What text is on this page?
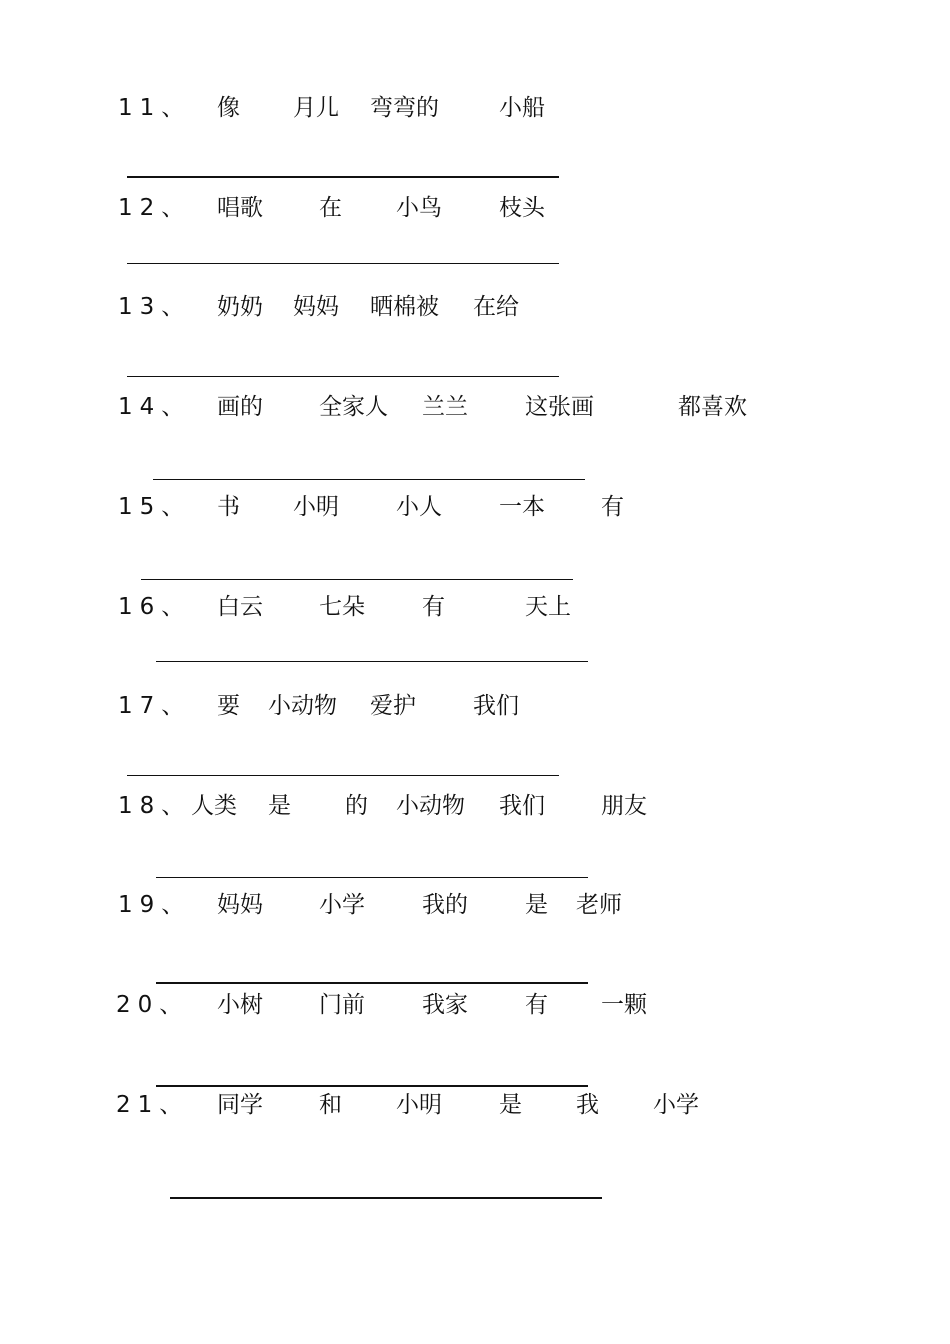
11、 像 月儿 弯弯的	小船
12、 唱歌 在 小鸟 枝头
13、 奶奶 妈妈 晒棉被 在给
14、 画的 全家人 兰兰 这张画	都喜欢
15、 书 小明 小人 一本 有
16、 白云 七朵 有	天上
17、 要 小动物 爱护 我们
18、 人类 是 的 小动物 我们 朋友
19、 妈妈 小学 我的 是 老师
20、 小树 门前 我家 有 一颗
21、 同学 和 小明 是 我 小学
